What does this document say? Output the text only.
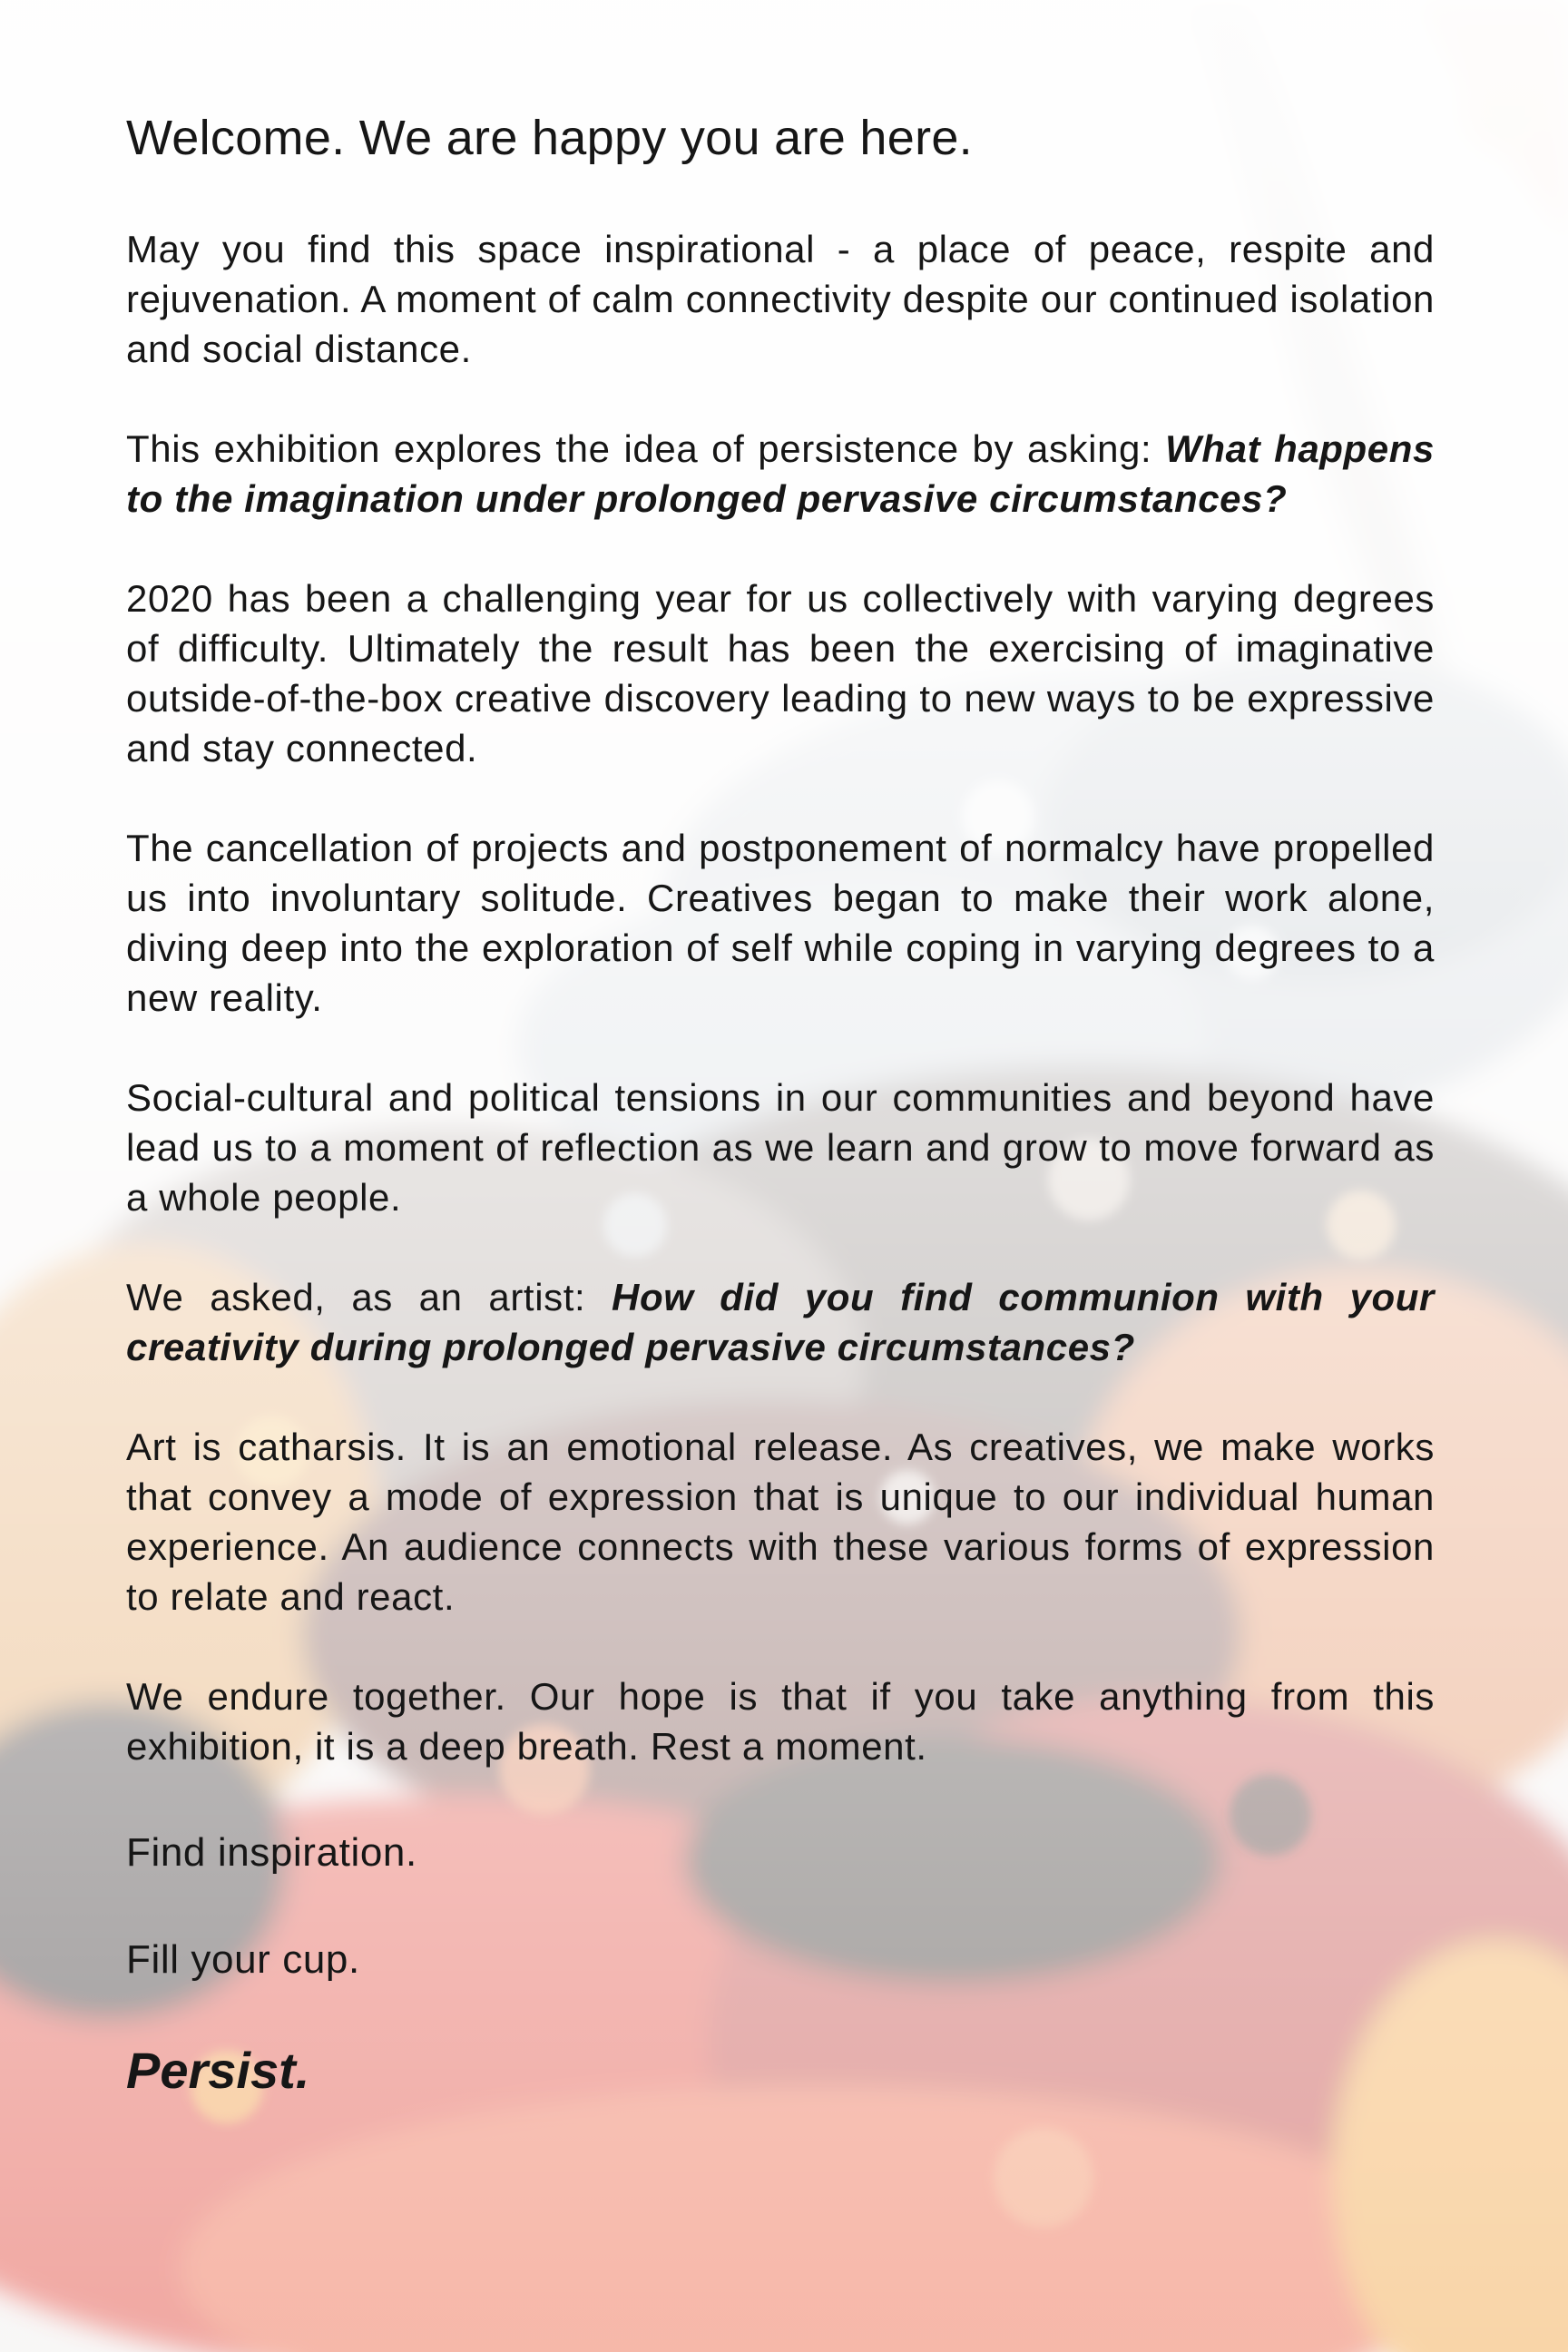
Welcome. We are happy you are here.

May you find this space inspirational - a place of peace, respite and rejuvenation. A moment of calm connectivity despite our continued isolation and social distance.

This exhibition explores the idea of persistence by asking: What happens to the imagination under prolonged pervasive circumstances?

2020 has been a challenging year for us collectively with varying degrees of difficulty. Ultimately the result has been the exercising of imaginative outside-of-the-box creative discovery leading to new ways to be expressive and stay connected.

The cancellation of projects and postponement of normalcy have propelled us into involuntary solitude. Creatives began to make their work alone, diving deep into the exploration of self while coping in varying degrees to a new reality.

Social-cultural and political tensions in our communities and beyond have lead us to a moment of reflection as we learn and grow to move forward as a whole people.

We asked, as an artist: How did you find communion with your creativity during prolonged pervasive circumstances?

Art is catharsis. It is an emotional release. As creatives, we make works that convey a mode of expression that is unique to our individual human experience. An audience connects with these various forms of expression to relate and react.

We endure together. Our hope is that if you take anything from this exhibition, it is a deep breath. Rest a moment.

Find inspiration.

Fill your cup.

Persist.
